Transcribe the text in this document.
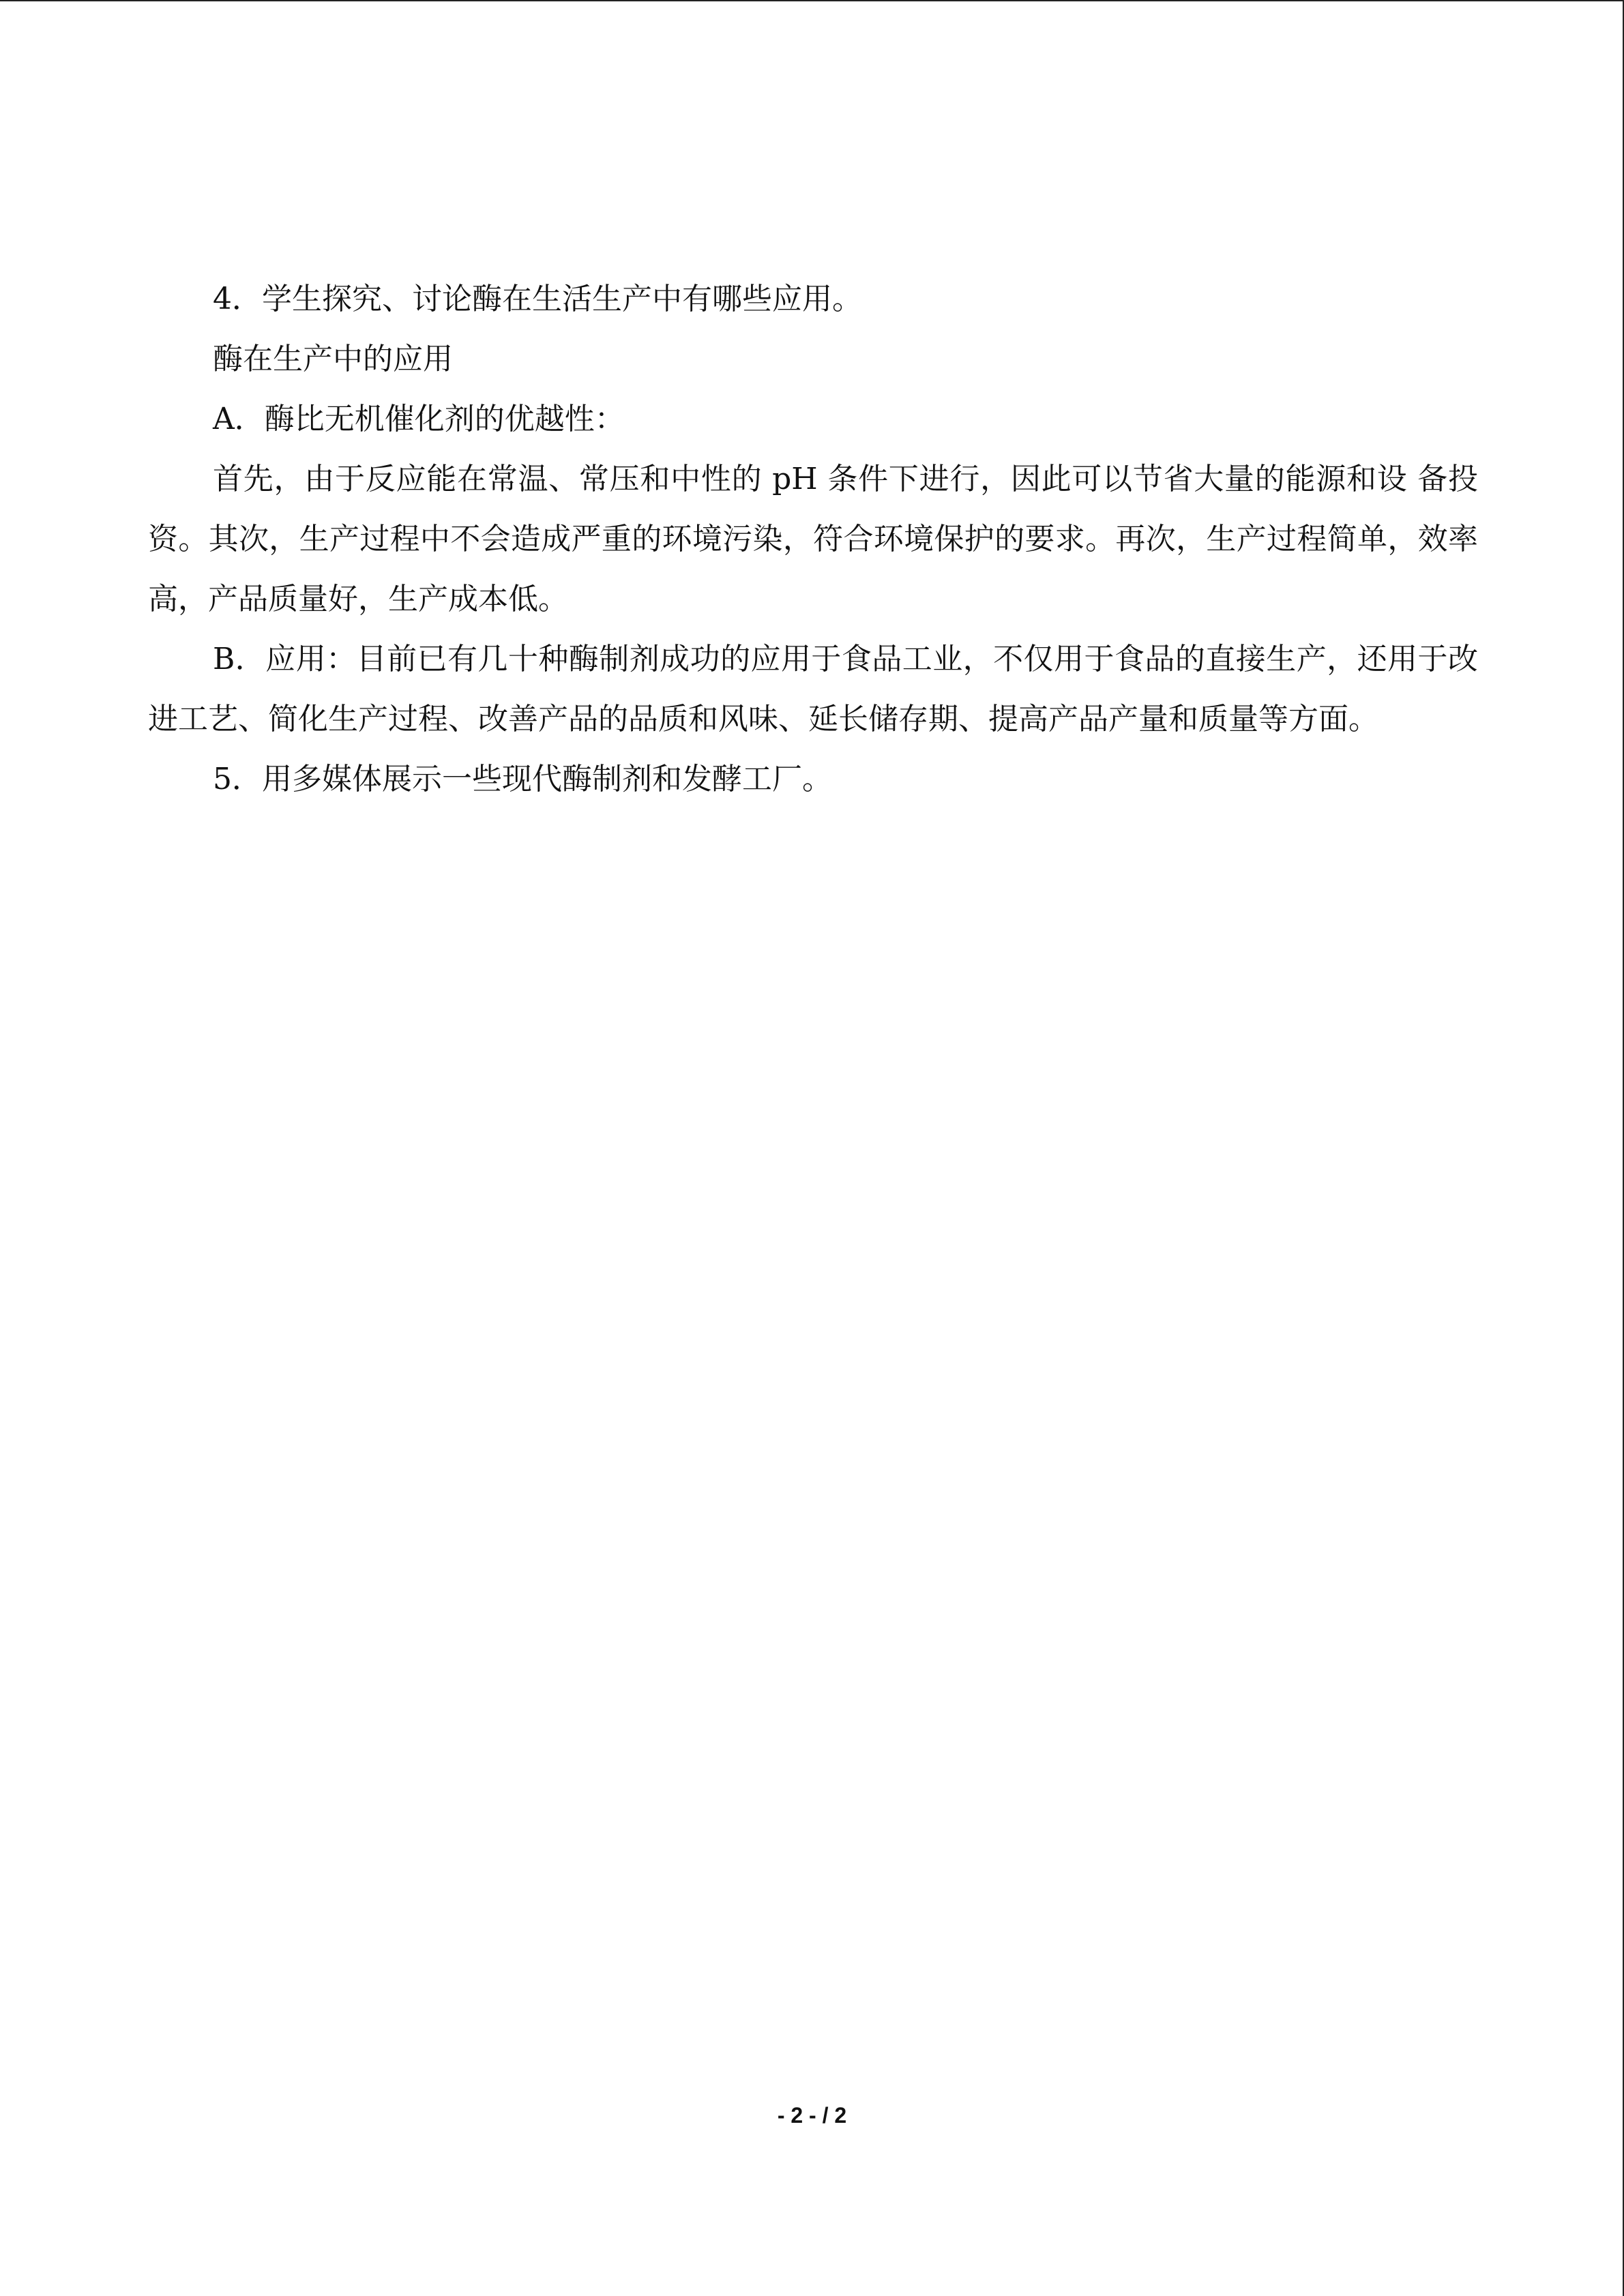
4．学生探究、讨论酶在生活生产中有哪些应用。

酶在生产中的应用

A．酶比无机催化剂的优越性：

首先，由于反应能在常温、常压和中性的 pH 条件下进行，因此可以节省大量的能源和设 备投资。其次，生产过程中不会造成严重的环境污染，符合环境保护的要求。再次，生产过程简单，效率高，产品质量好，生产成本低。

B．应用：目前已有几十种酶制剂成功的应用于食品工业，不仅用于食品的直接生产，还用于改进工艺、简化生产过程、改善产品的品质和风味、延长储存期、提高产品产量和质量等方面。

5．用多媒体展示一些现代酶制剂和发酵工厂。

- 2 - / 2
